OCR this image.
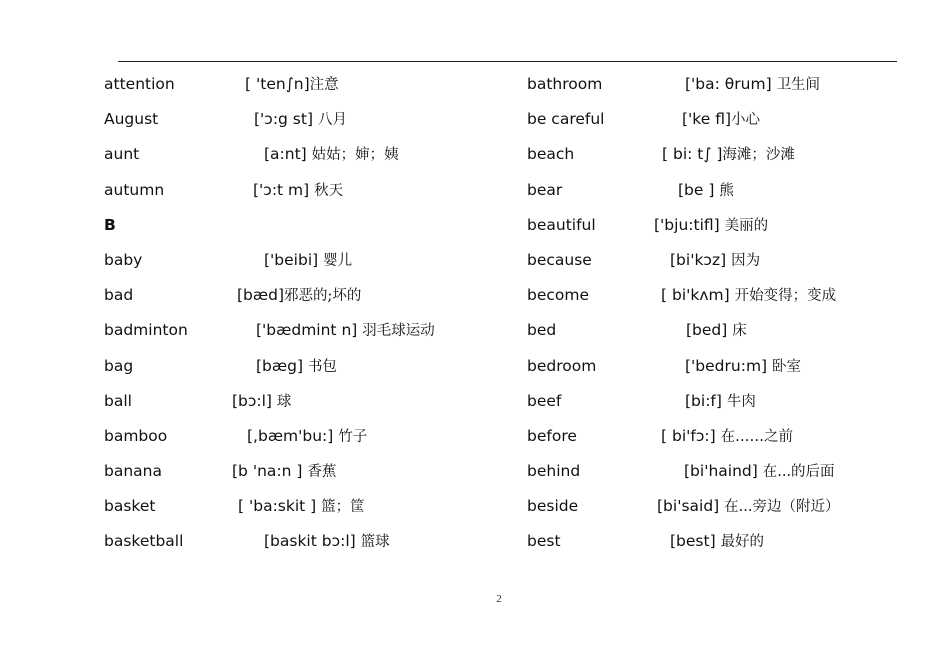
attention	[ 'ten∫n]注意
August	['ɔ:g st] 八月
aunt	[a:nt] 姑姑；婶；姨
autumn	['ɔ:t m] 秋天
B
baby	['beibi] 婴儿
bad	[bæd]邪恶的;坏的
badminton	['bædmint n] 羽毛球运动
bag	[bæg] 书包
ball	[bɔ:l] 球
bamboo	[,bæm'bu:] 竹子
banana	[b 'na:n ] 香蕉
basket	[ 'ba:skit ] 篮；筐
basketball	[baskit bɔ:l] 篮球
bathroom	['ba: θrum] 卫生间
be careful	['ke fl]小心
beach	[ bi: t∫ ]海滩；沙滩
bear	[be ] 熊
beautiful	['bju:tifl] 美丽的
because	[bi'kɔz] 因为
become	[ bi'kʌm] 开始变得；变成
bed	[bed] 床
bedroom	['bedru:m] 卧室
beef	[bi:f] 牛肉
before	[ bi'fɔ:] 在……之前
behind	[bi'haind] 在...的后面
beside	[bi'said] 在...旁边（附近）
best	[best] 最好的
2
